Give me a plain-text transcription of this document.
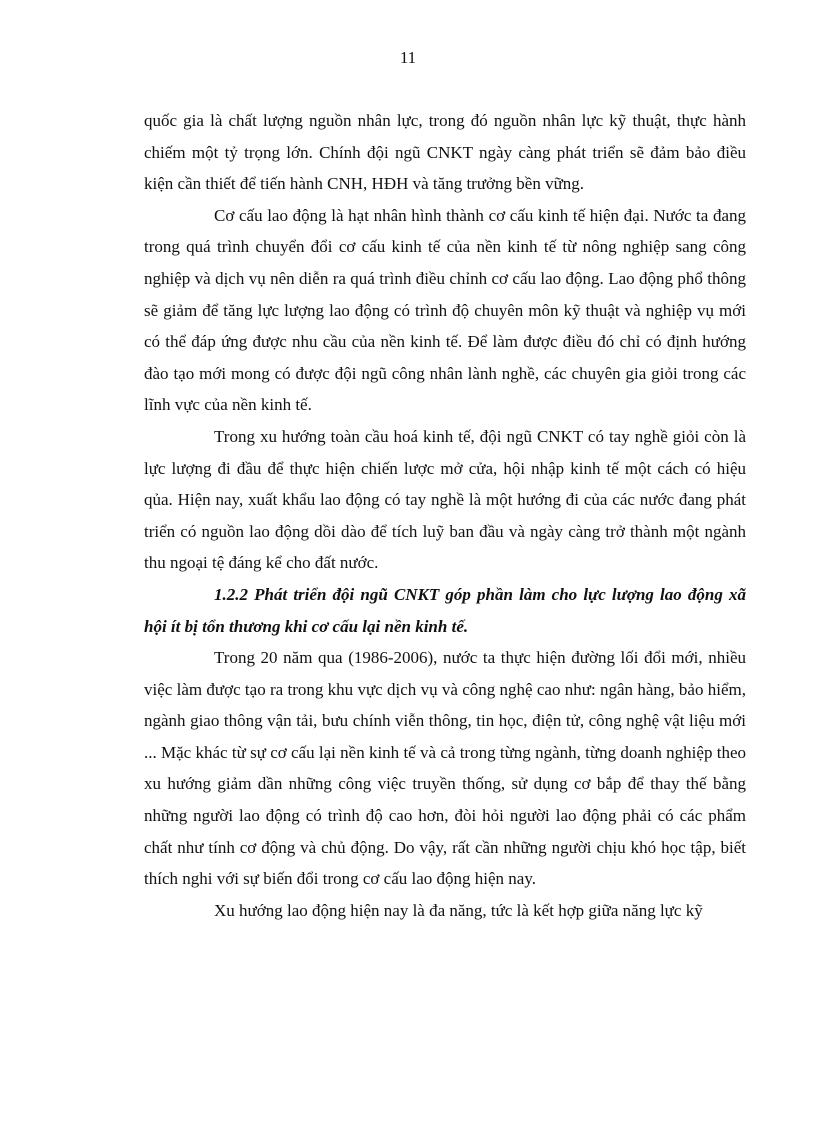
11

quốc gia là chất lượng nguồn nhân lực, trong đó nguồn nhân lực kỹ thuật, thực hành chiếm một tỷ trọng lớn. Chính đội ngũ CNKT ngày càng phát triển sẽ đảm bảo điều kiện cần thiết để tiến hành CNH, HĐH và tăng trưởng bền vững.

Cơ cấu lao động là hạt nhân hình thành cơ cấu kinh tế hiện đại. Nước ta đang trong quá trình chuyển đổi cơ cấu kinh tế của nền kinh tế từ nông nghiệp sang công nghiệp và dịch vụ nên diễn ra quá trình điều chỉnh cơ cấu lao động. Lao động phổ thông sẽ giảm để tăng lực lượng lao động có trình độ chuyên môn kỹ thuật và nghiệp vụ mới có thể đáp ứng được nhu cầu của nền kinh tế. Để làm được điều đó chỉ có định hướng đào tạo mới mong có được đội ngũ công nhân lành nghề, các chuyên gia giỏi trong các lĩnh vực của nền kinh tế.

Trong xu hướng toàn cầu hoá kinh tế, đội ngũ CNKT có tay nghề giỏi còn là lực lượng đi đầu để thực hiện chiến lược mở cửa, hội nhập kinh tế một cách có hiệu qủa. Hiện nay, xuất khẩu lao động có tay nghề là một hướng đi của các nước đang phát triển có nguồn lao động dồi dào để tích luỹ ban đầu và ngày càng trở thành một ngành thu ngoại tệ đáng kể cho đất nước.

1.2.2 Phát triển đội ngũ CNKT góp phần làm cho lực lượng lao động xã hội ít bị tổn thương khi cơ cấu lại nền kinh tế.

Trong 20 năm qua (1986-2006), nước ta thực hiện đường lối đổi mới, nhiều việc làm được tạo ra trong khu vực dịch vụ và công nghệ cao như: ngân hàng, bảo hiểm, ngành giao thông vận tải, bưu chính viễn thông, tin học, điện tử, công nghệ vật liệu mới ... Mặc khác từ sự cơ cấu lại nền kinh tế và cả trong từng ngành, từng doanh nghiệp theo xu hướng giảm dần những công việc truyền thống, sử dụng cơ bắp để thay thế bằng những người lao động có trình độ cao hơn, đòi hỏi người lao động phải có các phẩm chất như tính cơ động và chủ động. Do vậy, rất cần những người chịu khó học tập, biết thích nghi với sự biến đổi trong cơ cấu lao động hiện nay.

Xu hướng lao động hiện nay là đa năng, tức là kết hợp giữa năng lực kỹ
